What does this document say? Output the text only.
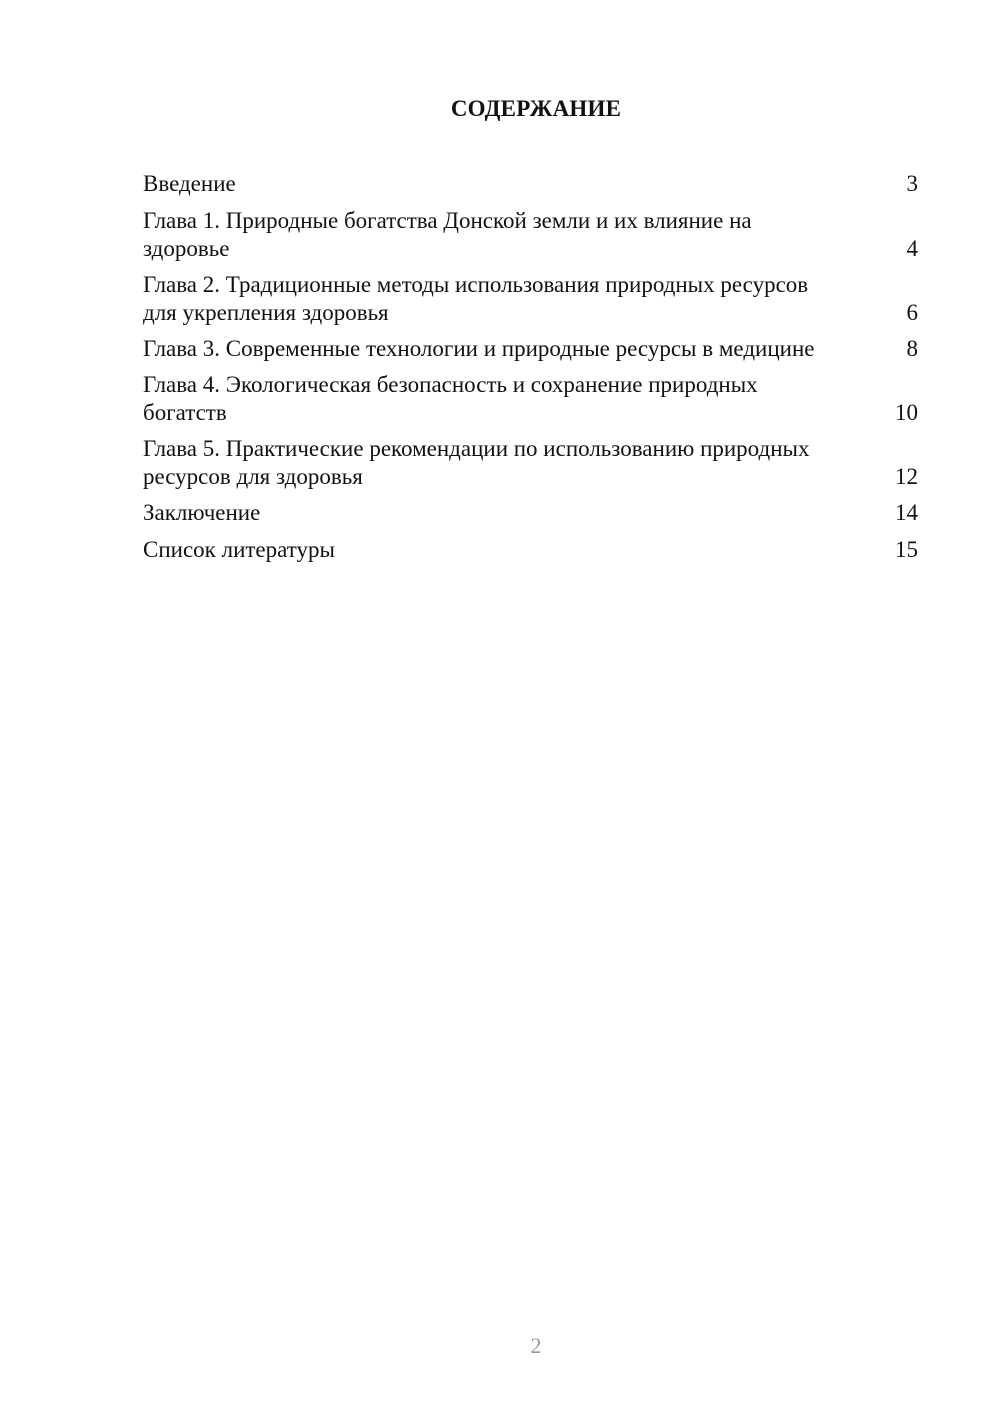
СОДЕРЖАНИЕ
Введение	3
Глава 1. Природные богатства Донской земли и их влияние на здоровье	4
Глава 2. Традиционные методы использования природных ресурсов для укрепления здоровья	6
Глава 3. Современные технологии и природные ресурсы в медицине	8
Глава 4. Экологическая безопасность и сохранение природных богатств	10
Глава 5. Практические рекомендации по использованию природных ресурсов для здоровья	12
Заключение	14
Список литературы	15
2
